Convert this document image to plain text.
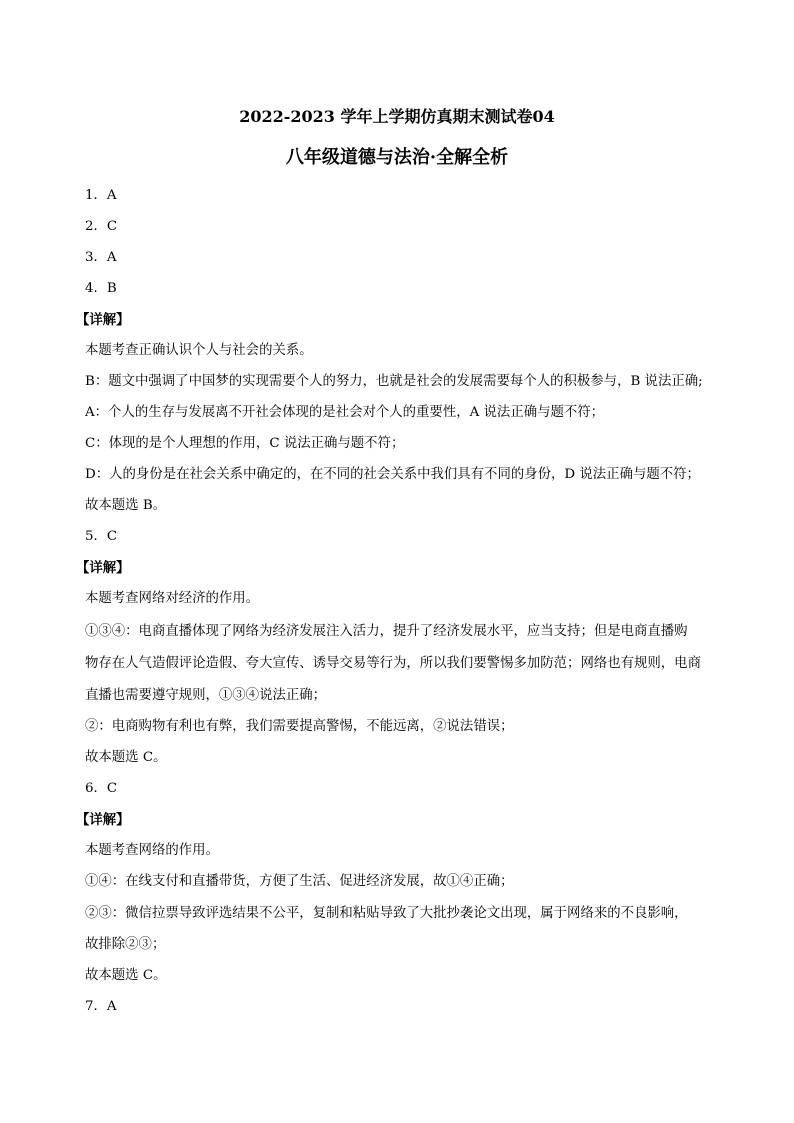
2022-2023 学年上学期仿真期末测试卷04
八年级道德与法治·全解全析
1．A
2．C
3．A
4．B
【详解】
本题考查正确认识个人与社会的关系。
B：题文中强调了中国梦的实现需要个人的努力，也就是社会的发展需要每个人的积极参与，B 说法正确;
A：个人的生存与发展离不开社会体现的是社会对个人的重要性，A 说法正确与题不符；
C：体现的是个人理想的作用，C 说法正确与题不符；
D：人的身份是在社会关系中确定的，在不同的社会关系中我们具有不同的身份，D 说法正确与题不符；
故本题选 B。
5．C
【详解】
本题考查网络对经济的作用。
①③④：电商直播体现了网络为经济发展注入活力，提升了经济发展水平，应当支持；但是电商直播购
物存在人气造假评论造假、夸大宣传、诱导交易等行为，所以我们要警惕多加防范；网络也有规则，电商
直播也需要遵守规则，①③④说法正确；
②：电商购物有利也有弊，我们需要提高警惕，不能远离，②说法错误；
故本题选 C。
6．C
【详解】
本题考查网络的作用。
①④：在线支付和直播带货，方便了生活、促进经济发展，故①④正确；
②③：微信拉票导致评选结果不公平，复制和粘贴导致了大批抄袭论文出现，属于网络来的不良影响，
故排除②③；
故本题选 C。
7．A
